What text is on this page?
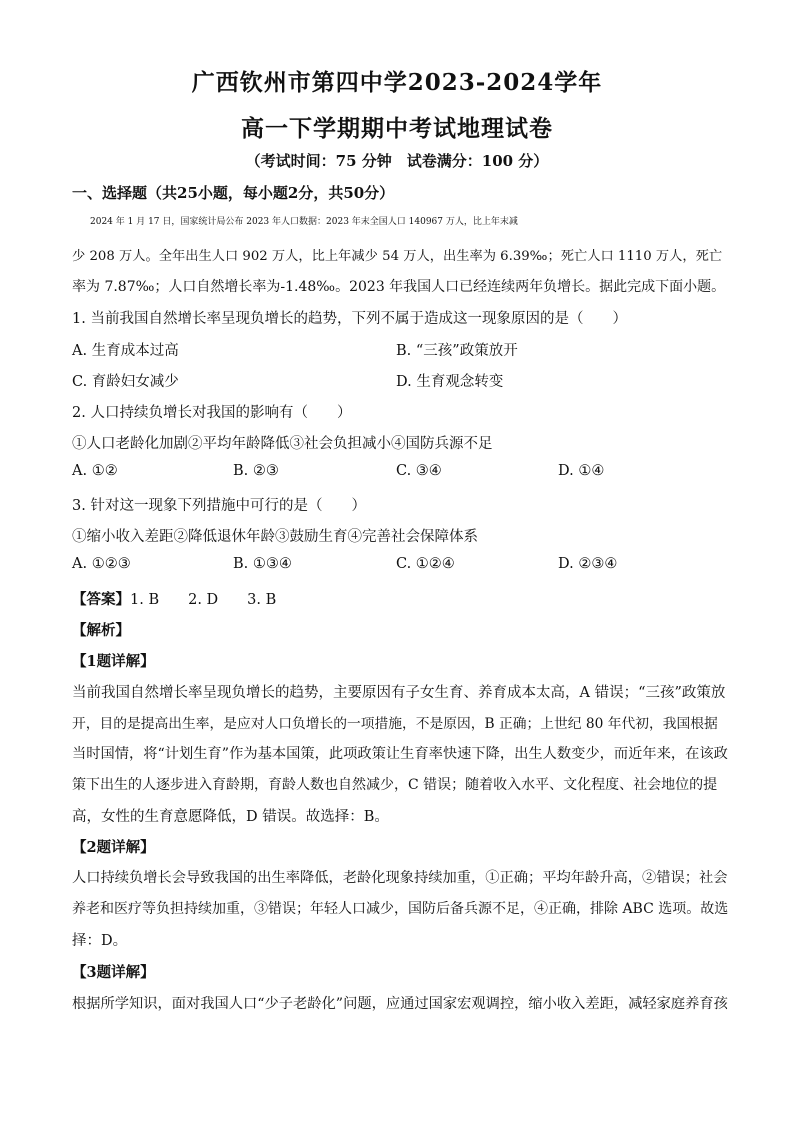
广西钦州市第四中学2023-2024学年
高一下学期期中考试地理试卷
（考试时间：75 分钟　试卷满分：100 分）
一、选择题（共25小题，每小题2分，共50分）
2024 年 1 月 17 日，国家统计局公布 2023 年人口数据：2023 年末全国人口 140967 万人，比上年末减
少 208 万人。全年出生人口 902 万人，比上年减少 54 万人，出生率为 6.39‰；死亡人口 1110 万人，死亡
率为 7.87‰；人口自然增长率为-1.48‰。2023 年我国人口已经连续两年负增长。据此完成下面小题。
1. 当前我国自然增长率呈现负增长的趋势，下列不属于造成这一现象原因的是（　　）
A. 生育成本过高	B. “三孩”政策放开
C. 育龄妇女减少	D. 生育观念转变
2. 人口持续负增长对我国的影响有（　　）
①人口老龄化加剧②平均年龄降低③社会负担减小④国防兵源不足
A. ①②	B. ②③	C. ③④	D. ①④
3. 针对这一现象下列措施中可行的是（　　）
①缩小收入差距②降低退休年龄③鼓励生育④完善社会保障体系
A. ①②③	B. ①③④	C. ①②④	D. ②③④
【答案】1. B　　2. D　　3. B
【解析】
【1题详解】
当前我国自然增长率呈现负增长的趋势，主要原因有子女生育、养育成本太高，A 错误；“三孩”政策放
开，目的是提高出生率，是应对人口负增长的一项措施，不是原因，B 正确；上世纪 80 年代初，我国根据
当时国情，将“计划生育”作为基本国策，此项政策让生育率快速下降，出生人数变少，而近年来，在该政
策下出生的人逐步进入育龄期，育龄人数也自然减少，C 错误；随着收入水平、文化程度、社会地位的提
高，女性的生育意愿降低，D 错误。故选择：B。
【2题详解】
人口持续负增长会导致我国的出生率降低，老龄化现象持续加重，①正确；平均年龄升高，②错误；社会
养老和医疗等负担持续加重，③错误；年轻人口减少，国防后备兵源不足，④正确，排除 ABC 选项。故选
择：D。
【3题详解】
根据所学知识，面对我国人口“少子老龄化”问题，应通过国家宏观调控，缩小收入差距，减轻家庭养育孩
